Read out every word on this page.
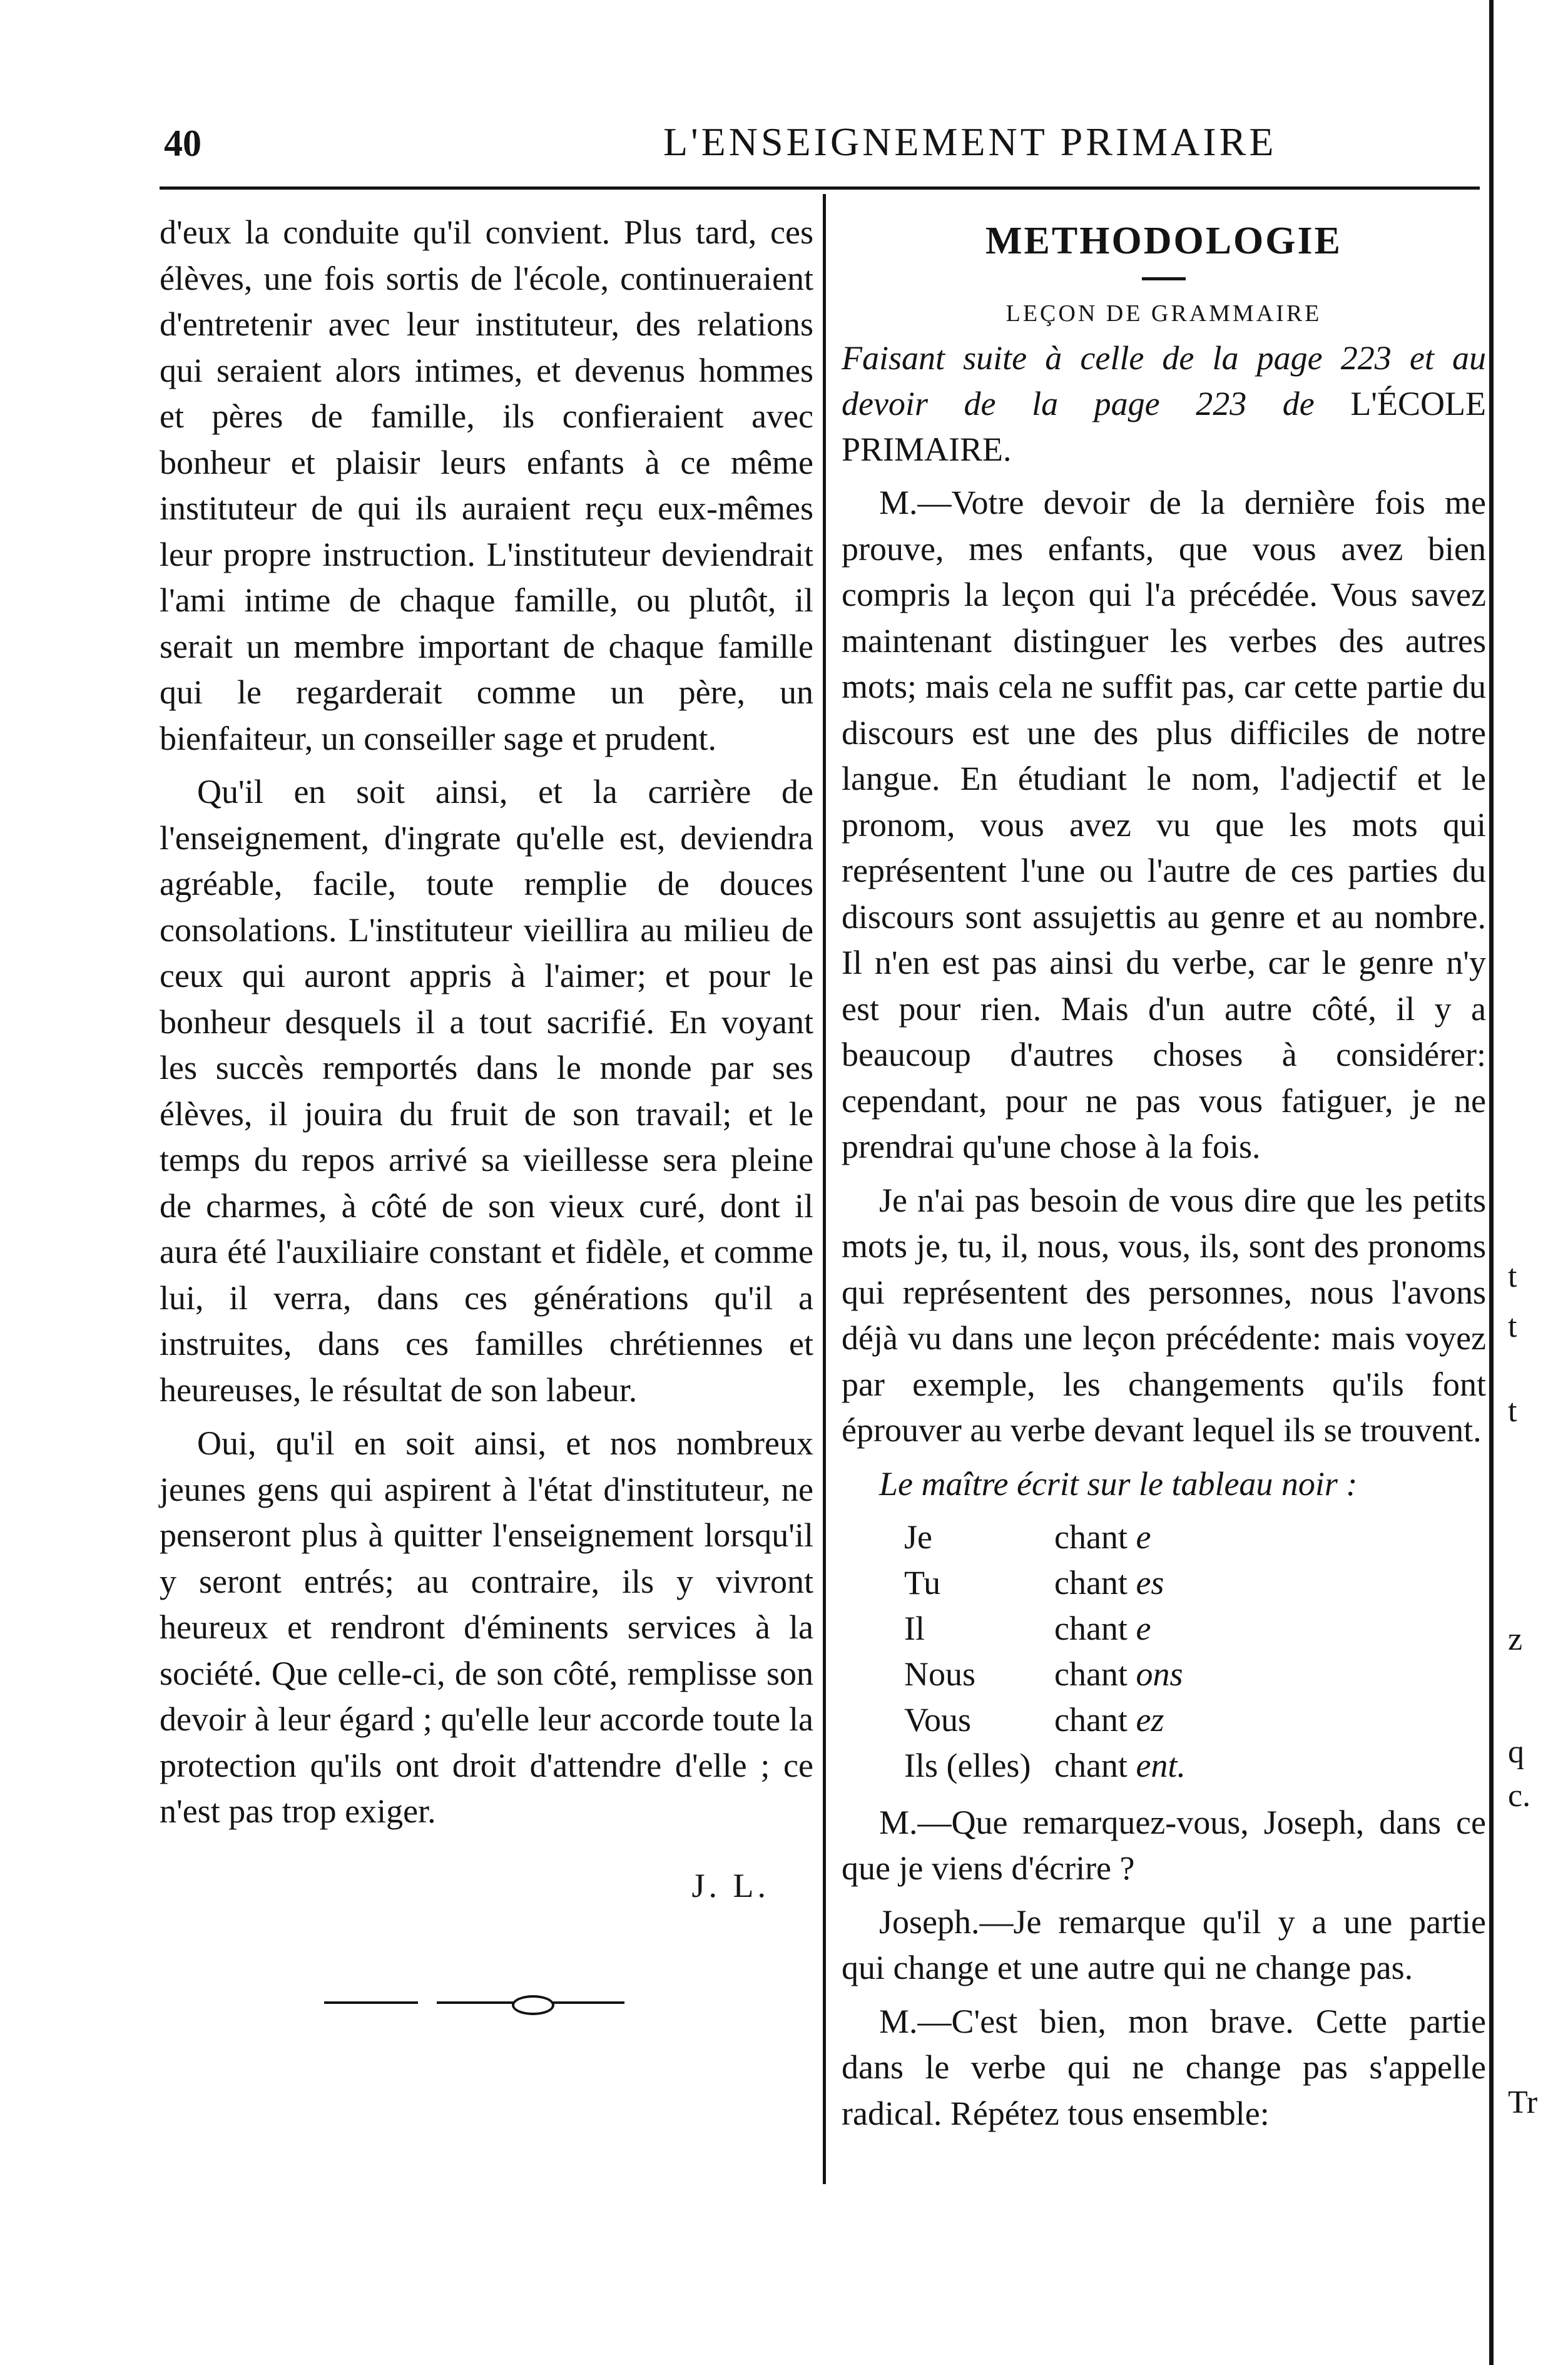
40	L'ENSEIGNEMENT PRIMAIRE

d'eux la conduite qu'il convient. Plus tard, ces élèves, une fois sortis de l'école, continueraient d'entretenir avec leur instituteur, des relations qui seraient alors intimes, et devenus hommes et pères de famille, ils confieraient avec bonheur et plaisir leurs enfants à ce même instituteur de qui ils auraient reçu eux-mêmes leur propre instruction. L'instituteur deviendrait l'ami intime de chaque famille, ou plutôt, il serait un membre important de chaque famille qui le regarderait comme un père, un bienfaiteur, un conseiller sage et prudent.

Qu'il en soit ainsi, et la carrière de l'enseignement, d'ingrate qu'elle est, deviendra agréable, facile, toute remplie de douces consolations. L'instituteur vieillira au milieu de ceux qui auront appris à l'aimer; et pour le bonheur desquels il a tout sacrifié. En voyant les succès remportés dans le monde par ses élèves, il jouira du fruit de son travail; et le temps du repos arrivé sa vieillesse sera pleine de charmes, à côté de son vieux curé, dont il aura été l'auxiliaire constant et fidèle, et comme lui, il verra, dans ces générations qu'il a instruites, dans ces familles chrétiennes et heureuses, le résultat de son labeur.

Oui, qu'il en soit ainsi, et nos nombreux jeunes gens qui aspirent à l'état d'instituteur, ne penseront plus à quitter l'enseignement lorsqu'il y seront entrés; au contraire, ils y vivront heureux et rendront d'éminents services à la société. Que celle-ci, de son côté, remplisse son devoir à leur égard ; qu'elle leur accorde toute la protection qu'ils ont droit d'attendre d'elle ; ce n'est pas trop exiger.

J. L.
METHODOLOGIE
LEÇON DE GRAMMAIRE

Faisant suite à celle de la page 223 et au devoir de la page 223 de L'ÉCOLE PRIMAIRE.

M.—Votre devoir de la dernière fois me prouve, mes enfants, que vous avez bien compris la leçon qui l'a précédée. Vous savez maintenant distinguer les verbes des autres mots; mais cela ne suffit pas, car cette partie du discours est une des plus difficiles de notre langue. En étudiant le nom, l'adjectif et le pronom, vous avez vu que les mots qui représentent l'une ou l'autre de ces parties du discours sont assujettis au genre et au nombre. Il n'en est pas ainsi du verbe, car le genre n'y est pour rien. Mais d'un autre côté, il y a beaucoup d'autres choses à considérer: cependant, pour ne pas vous fatiguer, je ne prendrai qu'une chose à la fois.

Je n'ai pas besoin de vous dire que les petits mots je, tu, il, nous, vous, ils, sont des pronoms qui représentent des personnes, nous l'avons déjà vu dans une leçon précédente: mais voyez par exemple, les changements qu'ils font éprouver au verbe devant lequel ils se trouvent.

Le maître écrit sur le tableau noir :

Je	chant e
Tu	chant es
Il	chant e
Nous chant ons
Vous chant ez
Ils (elles) chant ent.

M.—Que remarquez-vous, Joseph, dans ce que je viens d'écrire ?

Joseph.—Je remarque qu'il y a une partie qui change et une autre qui ne change pas.

M.—C'est bien, mon brave. Cette partie dans le verbe qui ne change pas s'appelle radical. Répétez tous ensemble:

t
t
t
z
q
c.
Tr
